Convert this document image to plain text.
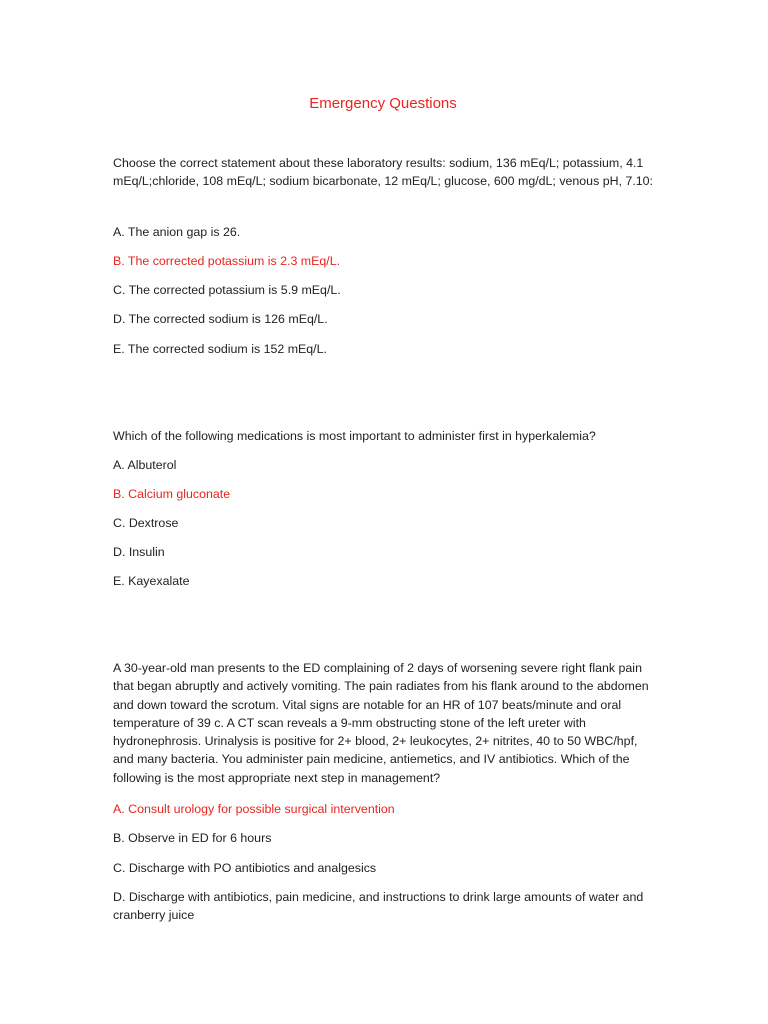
Emergency Questions

Choose the correct statement about these laboratory results: sodium, 136 mEq/L; potassium, 4.1 mEq/L;chloride, 108 mEq/L; sodium bicarbonate, 12 mEq/L; glucose, 600 mg/dL; venous pH, 7.10:

A. The anion gap is 26.

B. The corrected potassium is 2.3 mEq/L.

C. The corrected potassium is 5.9 mEq/L.

D. The corrected sodium is 126 mEq/L.

E. The corrected sodium is 152 mEq/L.

Which of the following medications is most important to administer first in hyperkalemia?

A. Albuterol

B. Calcium gluconate

C. Dextrose

D. Insulin

E. Kayexalate

A 30-year-old man presents to the ED complaining of 2 days of worsening severe right flank pain that began abruptly and actively vomiting. The pain radiates from his flank around to the abdomen and down toward the scrotum. Vital signs are notable for an HR of 107 beats/minute and oral temperature of 39 c. A CT scan reveals a 9-mm obstructing stone of the left ureter with hydronephrosis. Urinalysis is positive for 2+ blood, 2+ leukocytes, 2+ nitrites, 40 to 50 WBC/hpf, and many bacteria. You administer pain medicine, antiemetics, and IV antibiotics. Which of the following is the most appropriate next step in management?

A. Consult urology for possible surgical intervention

B. Observe in ED for 6 hours

C. Discharge with PO antibiotics and analgesics

D. Discharge with antibiotics, pain medicine, and instructions to drink large amounts of water and cranberry juice
